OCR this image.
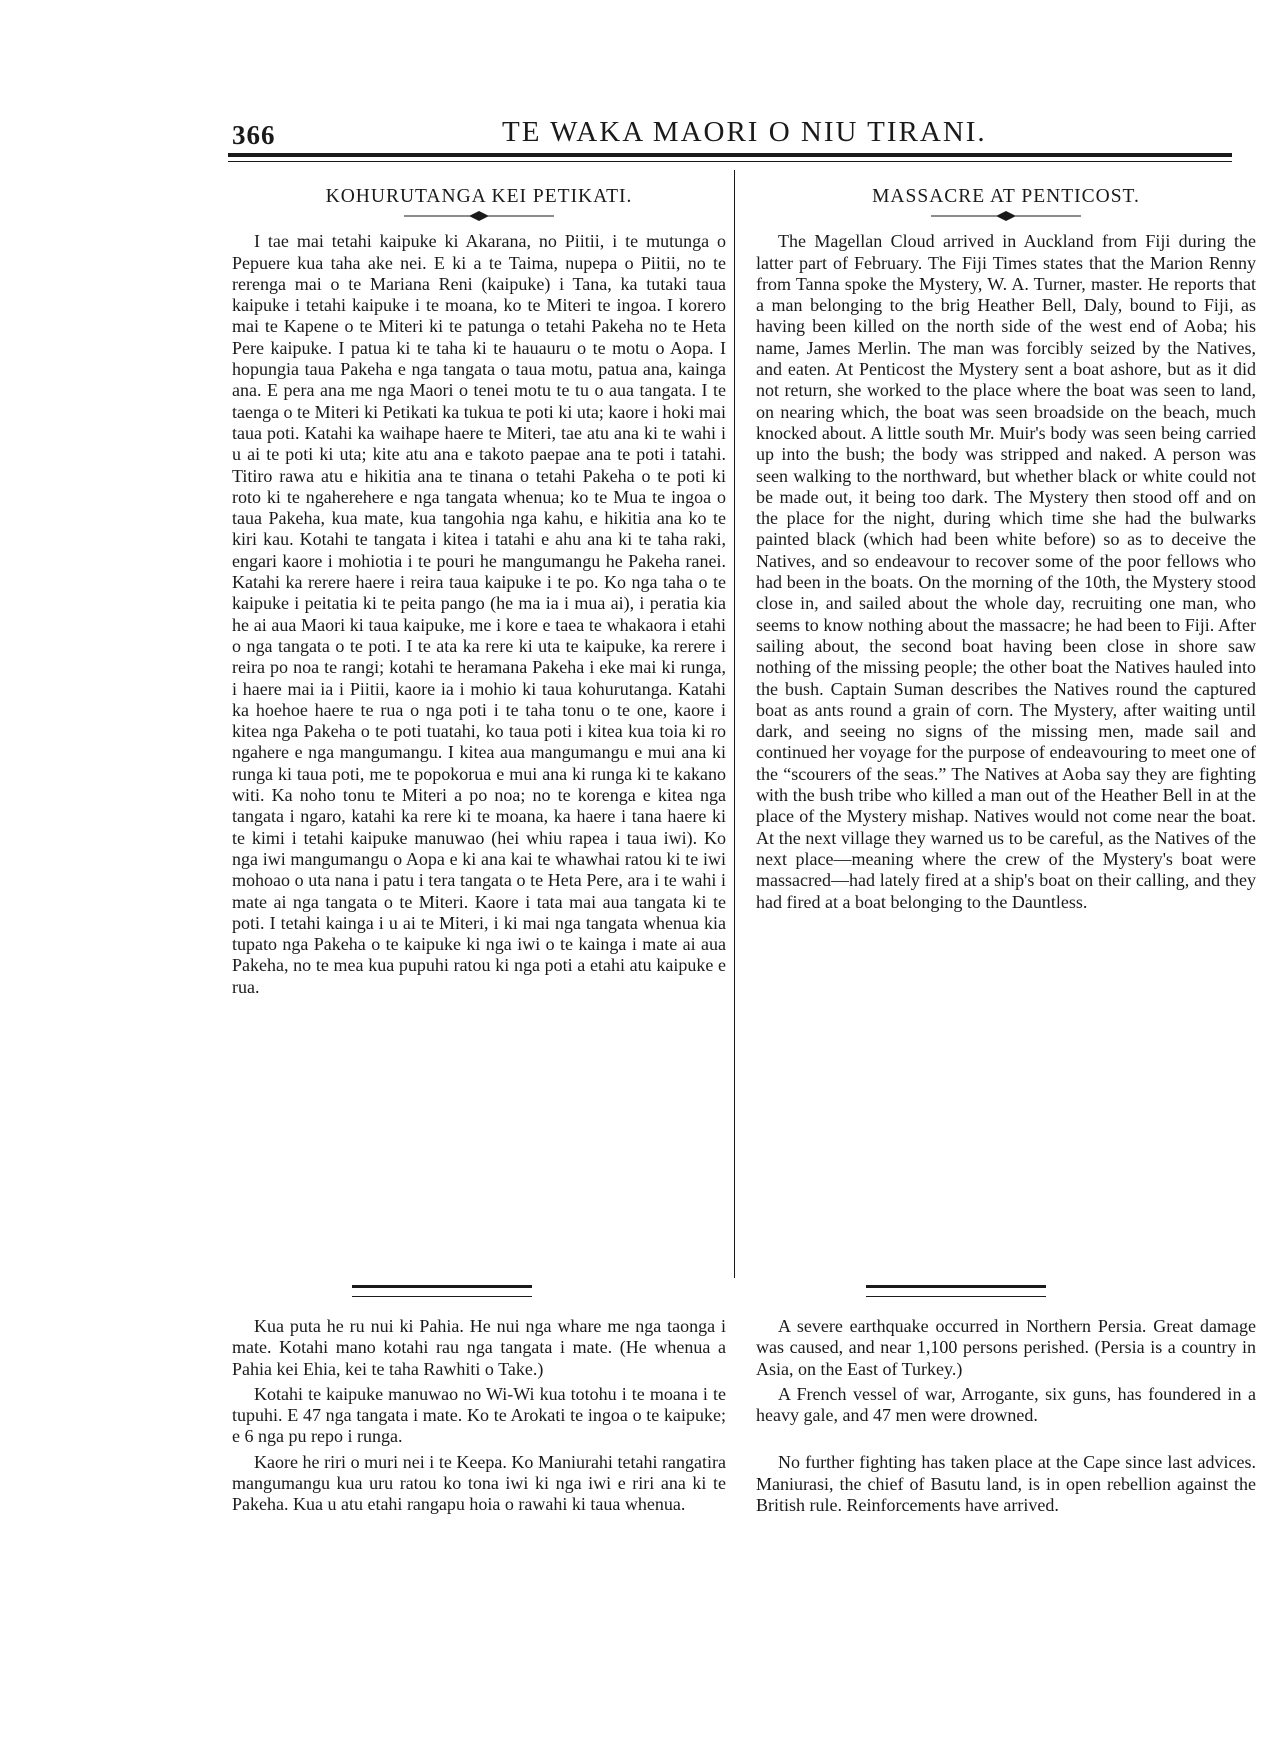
366	TE WAKA MAORI O NIU TIRANI.
KOHURUTANGA KEI PETIKATI.

I tae mai tetahi kaipuke ki Akarana, no Piitii, i te mutunga o Pepuere kua taha ake nei. E ki a te Taima, nupepa o Piitii, no te rerenga mai o te Mariana Reni (kaipuke) i Tana, ka tutaki taua kaipuke i tetahi kaipuke i te moana, ko te Miteri te ingoa. I korero mai te Kapene o te Miteri ki te patunga o tetahi Pakeha no te Heta Pere kaipuke. I patua ki te taha ki te hauauru o te motu o Aopa. I hopungia taua Pakeha e nga tangata o taua motu, patua ana, kainga ana. E pera ana me nga Maori o tenei motu te tu o aua tangata. I te taenga o te Miteri ki Petikati ka tukua te poti ki uta; kaore i hoki mai taua poti. Katahi ka waihape haere te Miteri, tae atu ana ki te wahi i u ai te poti ki uta; kite atu ana e takoto paepae ana te poti i tatahi. Titiro rawa atu e hikitia ana te tinana o tetahi Pakeha o te poti ki roto ki te ngaherehere e nga tangata whenua; ko te Mua te ingoa o taua Pakeha, kua mate, kua tangohia nga kahu, e hikitia ana ko te kiri kau. Kotahi te tangata i kitea i tatahi e ahu ana ki te taha raki, engari kaore i mohiotia i te pouri he mangumangu he Pakeha ranei. Katahi ka rerere haere i reira taua kaipuke i te po. Ko nga taha o te kaipuke i peitatia ki te peita pango (he ma ia i mua ai), i peratia kia he ai aua Maori ki taua kaipuke, me i kore e taea te whakaora i etahi o nga tangata o te poti. I te ata ka rere ki uta te kaipuke, ka rerere i reira po noa te rangi; kotahi te heramana Pakeha i eke mai ki runga, i haere mai ia i Piitii, kaore ia i mohio ki taua kohurutanga. Katahi ka hoehoe haere te rua o nga poti i te taha tonu o te one, kaore i kitea nga Pakeha o te poti tuatahi, ko taua poti i kitea kua toia ki ro ngahere e nga mangumangu. I kitea aua mangumangu e mui ana ki runga ki taua poti, me te popokorua e mui ana ki runga ki te kakano witi. Ka noho tonu te Miteri a po noa; no te korenga e kitea nga tangata i ngaro, katahi ka rere ki te moana, ka haere i tana haere ki te kimi i tetahi kaipuke manuwao (hei whiu rapea i taua iwi). Ko nga iwi mangumangu o Aopa e ki ana kai te whawhai ratou ki te iwi mohoao o uta nana i patu i tera tangata o te Heta Pere, ara i te wahi i mate ai nga tangata o te Miteri. Kaore i tata mai aua tangata ki te poti. I tetahi kainga i u ai te Miteri, i ki mai nga tangata whenua kia tupato nga Pakeha o te kaipuke ki nga iwi o te kainga i mate ai aua Pakeha, no te mea kua pupuhi ratou ki nga poti a etahi atu kaipuke e rua.

MASSACRE AT PENTICOST.

The Magellan Cloud arrived in Auckland from Fiji during the latter part of February. The Fiji Times states that the Marion Renny from Tanna spoke the Mystery, W. A. Turner, master. He reports that a man belonging to the brig Heather Bell, Daly, bound to Fiji, as having been killed on the north side of the west end of Aoba; his name, James Merlin. The man was forcibly seized by the Natives, and eaten. At Penticost the Mystery sent a boat ashore, but as it did not return, she worked to the place where the boat was seen to land, on nearing which, the boat was seen broadside on the beach, much knocked about. A little south Mr. Muir's body was seen being carried up into the bush; the body was stripped and naked. A person was seen walking to the northward, but whether black or white could not be made out, it being too dark. The Mystery then stood off and on the place for the night, during which time she had the bulwarks painted black (which had been white before) so as to deceive the Natives, and so endeavour to recover some of the poor fellows who had been in the boats. On the morning of the 10th, the Mystery stood close in, and sailed about the whole day, recruiting one man, who seems to know nothing about the massacre; he had been to Fiji. After sailing about, the second boat having been close in shore saw nothing of the missing people; the other boat the Natives hauled into the bush. Captain Suman describes the Natives round the captured boat as ants round a grain of corn. The Mystery, after waiting until dark, and seeing no signs of the missing men, made sail and continued her voyage for the purpose of endeavouring to meet one of the “scourers of the seas.” The Natives at Aoba say they are fighting with the bush tribe who killed a man out of the Heather Bell in at the place of the Mystery mishap. Natives would not come near the boat. At the next village they warned us to be careful, as the Natives of the next place—meaning where the crew of the Mystery's boat were massacred—had lately fired at a ship's boat on their calling, and they had fired at a boat belonging to the Dauntless.

Kua puta he ru nui ki Pahia. He nui nga whare me nga taonga i mate. Kotahi mano kotahi rau nga tangata i mate. (He whenua a Pahia kei Ehia, kei te taha Rawhiti o Take.)

Kotahi te kaipuke manuwao no Wi-Wi kua totohu i te moana i te tupuhi. E 47 nga tangata i mate. Ko te Arokati te ingoa o te kaipuke; e 6 nga pu repo i runga.

Kaore he riri o muri nei i te Keepa. Ko Maniurahi tetahi rangatira mangumangu kua uru ratou ko tona iwi ki nga iwi e riri ana ki te Pakeha. Kua u atu etahi rangapu hoia o rawahi ki taua whenua.

A severe earthquake occurred in Northern Persia. Great damage was caused, and near 1,100 persons perished. (Persia is a country in Asia, on the East of Turkey.)

A French vessel of war, Arrogante, six guns, has foundered in a heavy gale, and 47 men were drowned.

No further fighting has taken place at the Cape since last advices. Maniurasi, the chief of Basutu land, is in open rebellion against the British rule. Reinforcements have arrived.
